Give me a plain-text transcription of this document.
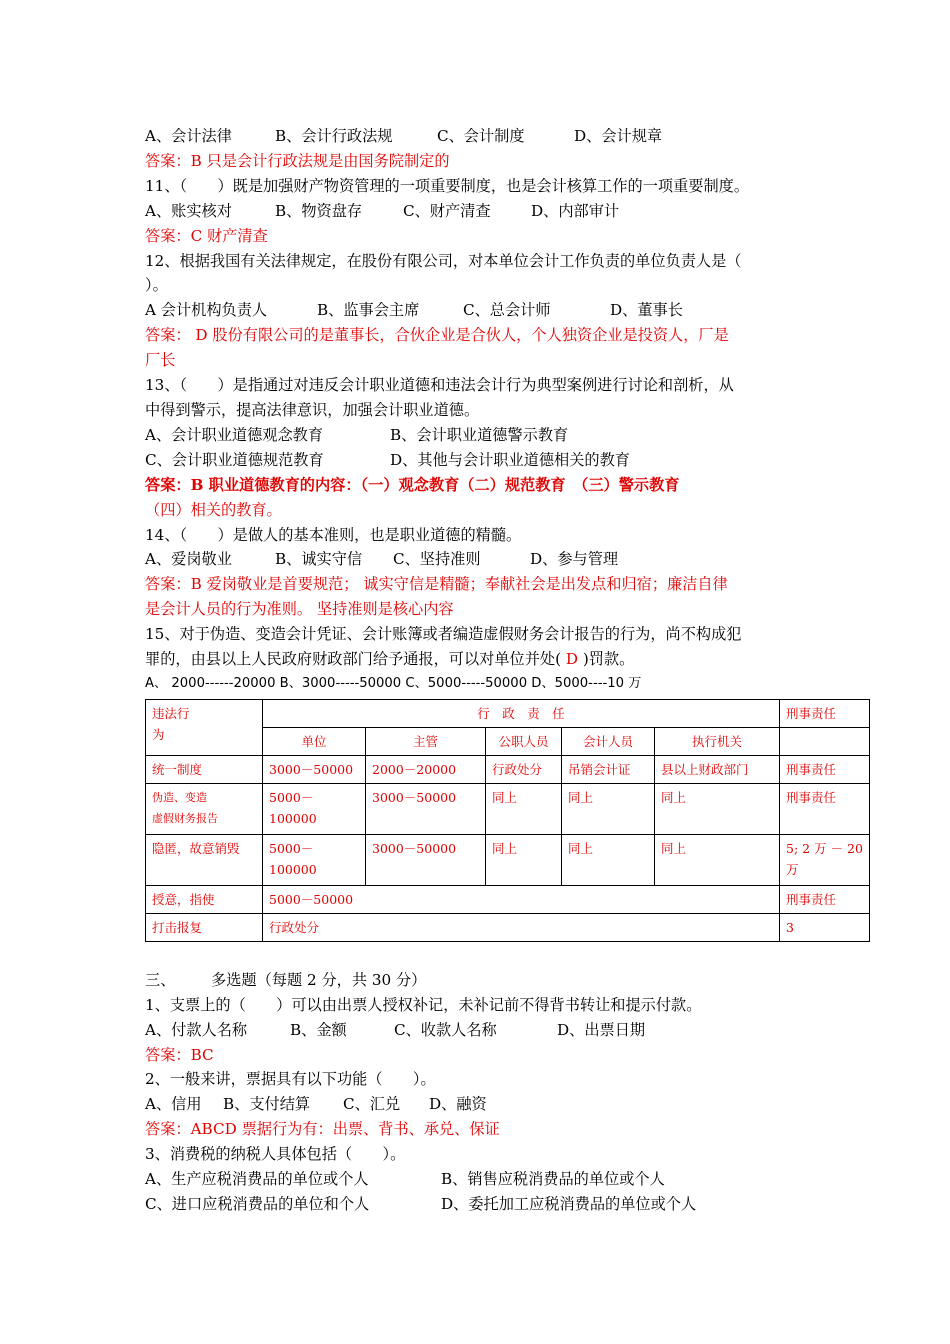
A、会计法律	B、会计行政法规	C、会计制度	D、会计规章
答案：B 只是会计行政法规是由国务院制定的
11、（　　）既是加强财产物资管理的一项重要制度，也是会计核算工作的一项重要制度。
A、账实核对	B、物资盘存	C、财产清查	D、内部审计
答案：C 财产清查
12、根据我国有关法律规定，在股份有限公司，对本单位会计工作负责的单位负责人是（
）。
A 会计机构负责人	B、监事会主席	C、总会计师	D、董事长
答案： D 股份有限公司的是董事长，合伙企业是合伙人，个人独资企业是投资人，厂是
厂长
13、（　　）是指通过对违反会计职业道德和违法会计行为典型案例进行讨论和剖析，从
中得到警示，提高法律意识，加强会计职业道德。
A、会计职业道德观念教育	B、会计职业道德警示教育
C、会计职业道德规范教育	D、其他与会计职业道德相关的教育
答案：B 职业道德教育的内容：（一）观念教育（二）规范教育　（三）警示教育
（四）相关的教育。
14、（　　）是做人的基本准则，也是职业道德的精髓。
A、爱岗敬业	B、诚实守信 C、坚持准则	D、参与管理
答案：B 爱岗敬业是首要规范； 诚实守信是精髓；奉献社会是出发点和归宿；廉洁自律
是会计人员的行为准则。 坚持准则是核心内容
15、对于伪造、变造会计凭证、会计账簿或者编造虚假财务会计报告的行为，尚不构成犯
罪的，由县以上人民政府财政部门给予通报，可以对单位并处( D )罚款。
A、 2000------20000 B、3000-----50000 C、5000-----50000 D、5000----10 万
违法行
为	行　政　责　任					刑事责任
	单位	主管	公职人员	会计人员	执行机关	
统一制度	3000－50000	2000－20000	行政处分	吊销会计证	县以上财政部门	刑事责任
伪造、变造
虚假财务报告	5000－100000	3000－50000	同上	同上	同上	刑事责任
隐匿，故意销毁	5000－100000	3000－50000	同上	同上	同上	5; 2 万 － 20
万
授意，指使	5000－50000					刑事责任
打击报复	行政处分					3
三、 多选题（每题 2 分，共 30 分）
1、支票上的（　　）可以由出票人授权补记，未补记前不得背书转让和提示付款。
A、付款人名称	B、金额	C、收款人名称	D、出票日期
答案：BC
2、一般来讲，票据具有以下功能（　　）。
A、信用 B、支付结算 C、汇兑 D、融资
答案：ABCD 票据行为有：出票、背书、承兑、保证
3、消费税的纳税人具体包括（　　）。
A、生产应税消费品的单位或个人	B、销售应税消费品的单位或个人
C、进口应税消费品的单位和个人	D、委托加工应税消费品的单位或个人
